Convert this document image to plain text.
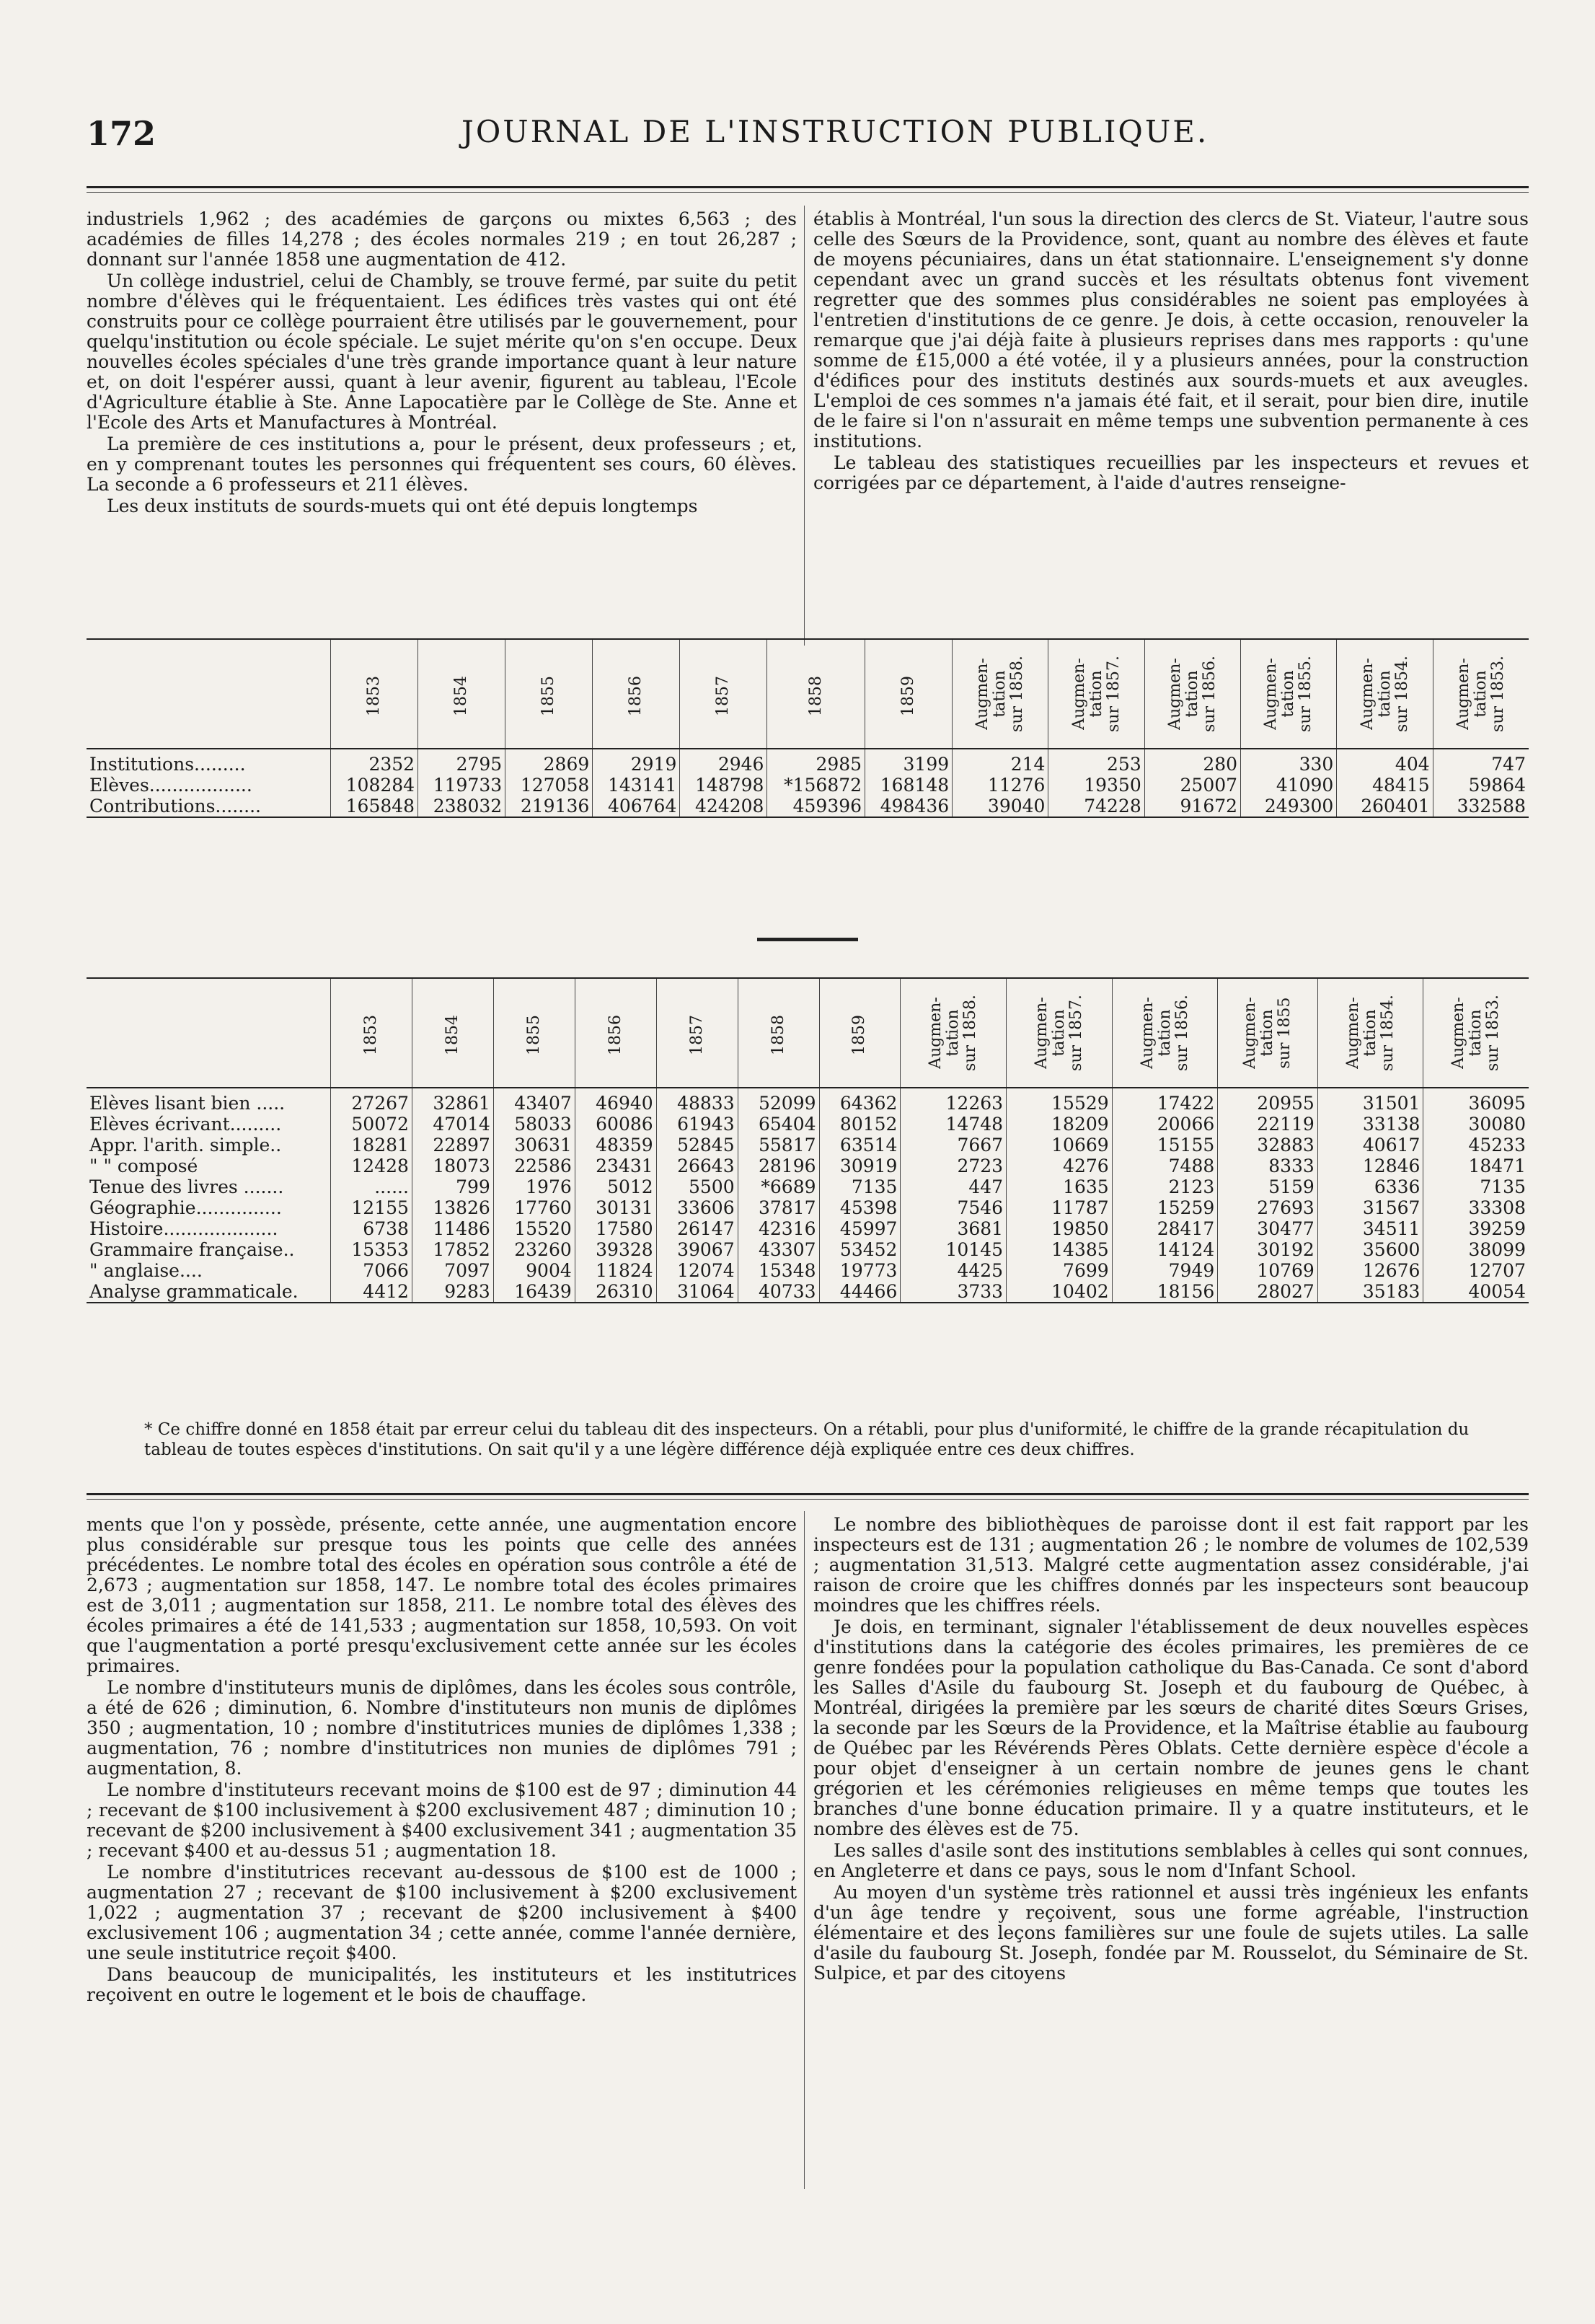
172	JOURNAL DE L'INSTRUCTION PUBLIQUE.

industriels 1,962 ; des académies de garçons ou mixtes 6,563 ; des académies de filles 14,278 ; des écoles normales 219 ; en tout 26,287 ; donnant sur l'année 1858 une augmentation de 412.

Un collège industriel, celui de Chambly, se trouve fermé, par suite du petit nombre d'élèves qui le fréquentaient. Les édifices très vastes qui ont été construits pour ce collège pourraient être utilisés par le gouvernement, pour quelqu'institution ou école spéciale. Le sujet mérite qu'on s'en occupe. Deux nouvelles écoles spéciales d'une très grande importance quant à leur nature et, on doit l'espérer aussi, quant à leur avenir, figurent au tableau, l'Ecole d'Agriculture établie à Ste. Anne Lapocatière par le Collège de Ste. Anne et l'Ecole des Arts et Manufactures à Montréal.

La première de ces institutions a, pour le présent, deux professeurs ; et, en y comprenant toutes les personnes qui fréquentent ses cours, 60 élèves. La seconde a 6 professeurs et 211 élèves.

Les deux instituts de sourds-muets qui ont été depuis longtemps

établis à Montréal, l'un sous la direction des clercs de St. Viateur, l'autre sous celle des Sœurs de la Providence, sont, quant au nombre des élèves et faute de moyens pécuniaires, dans un état stationnaire. L'enseignement s'y donne cependant avec un grand succès et les résultats obtenus font vivement regretter que des sommes plus considérables ne soient pas employées à l'entretien d'institutions de ce genre. Je dois, à cette occasion, renouveler la remarque que j'ai déjà faite à plusieurs reprises dans mes rapports : qu'une somme de £15,000 a été votée, il y a plusieurs années, pour la construction d'édifices pour des instituts destinés aux sourds-muets et aux aveugles. L'emploi de ces sommes n'a jamais été fait, et il serait, pour bien dire, inutile de le faire si l'on n'assurait en même temps une subvention permanente à ces institutions.

Le tableau des statistiques recueillies par les inspecteurs et revues et corrigées par ce département, à l'aide d'autres renseigne-

	1853	1854	1855	1856	1857	1858	1859	Augmen-
tation
sur 1858.	Augmen-
tation
sur 1857.	Augmen-
tation
sur 1856.	Augmen-
tation
sur 1855.	Augmen-
tation
sur 1854.	Augmen-
tation
sur 1853.
Institutions.........	2352	2795	2869	2919	2946	2985	3199	214	253	280	330	404	747
Elèves..................	108284	119733	127058	143141	148798	*156872	168148	11276	19350	25007	41090	48415	59864
Contributions........	165848	238032	219136	406764	424208	459396	498436	39040	74228	91672	249300	260401	332588
	1853	1854	1855	1856	1857	1858	1859	Augmen-
tation
sur 1858.	Augmen-
tation
sur 1857.	Augmen-
tation
sur 1856.	Augmen-
tation
sur 1855	Augmen-
tation
sur 1854.	Augmen-
tation
sur 1853.
Elèves lisant bien .....	27267	32861	43407	46940	48833	52099	64362	12263	15529	17422	20955	31501	36095
Elèves écrivant.........	50072	47014	58033	60086	61943	65404	80152	14748	18209	20066	22119	33138	30080
Appr. l'arith. simple..	18281	22897	30631	48359	52845	55817	63514	7667	10669	15155	32883	40617	45233
" " composé	12428	18073	22586	23431	26643	28196	30919	2723	4276	7488	8333	12846	18471
Tenue des livres .......	......	799	1976	5012	5500	*6689	7135	447	1635	2123	5159	6336	7135
Géographie...............	12155	13826	17760	30131	33606	37817	45398	7546	11787	15259	27693	31567	33308
Histoire....................	6738	11486	15520	17580	26147	42316	45997	3681	19850	28417	30477	34511	39259
Grammaire française..	15353	17852	23260	39328	39067	43307	53452	10145	14385	14124	30192	35600	38099
" anglaise....	7066	7097	9004	11824	12074	15348	19773	4425	7699	7949	10769	12676	12707
Analyse grammaticale.	4412	9283	16439	26310	31064	40733	44466	3733	10402	18156	28027	35183	40054
* Ce chiffre donné en 1858 était par erreur celui du tableau dit des inspecteurs. On a rétabli, pour plus d'uniformité, le chiffre de la grande récapitulation du tableau de toutes espèces d'institutions. On sait qu'il y a une légère différence déjà expliquée entre ces deux chiffres.

ments que l'on y possède, présente, cette année, une augmentation encore plus considérable sur presque tous les points que celle des années précédentes. Le nombre total des écoles en opération sous contrôle a été de 2,673 ; augmentation sur 1858, 147. Le nombre total des écoles primaires est de 3,011 ; augmentation sur 1858, 211. Le nombre total des élèves des écoles primaires a été de 141,533 ; augmentation sur 1858, 10,593. On voit que l'augmentation a porté presqu'exclusivement cette année sur les écoles primaires.

Le nombre d'instituteurs munis de diplômes, dans les écoles sous contrôle, a été de 626 ; diminution, 6. Nombre d'instituteurs non munis de diplômes 350 ; augmentation, 10 ; nombre d'institutrices munies de diplômes 1,338 ; augmentation, 76 ; nombre d'institutrices non munies de diplômes 791 ; augmentation, 8.

Le nombre d'instituteurs recevant moins de $100 est de 97 ; diminution 44 ; recevant de $100 inclusivement à $200 exclusivement 487 ; diminution 10 ; recevant de $200 inclusivement à $400 exclusivement 341 ; augmentation 35 ; recevant $400 et au-dessus 51 ; augmentation 18.

Le nombre d'institutrices recevant au-dessous de $100 est de 1000 ; augmentation 27 ; recevant de $100 inclusivement à $200 exclusivement 1,022 ; augmentation 37 ; recevant de $200 inclusivement à $400 exclusivement 106 ; augmentation 34 ; cette année, comme l'année dernière, une seule institutrice reçoit $400.

Dans beaucoup de municipalités, les instituteurs et les institutrices reçoivent en outre le logement et le bois de chauffage.

Le nombre des bibliothèques de paroisse dont il est fait rapport par les inspecteurs est de 131 ; augmentation 26 ; le nombre de volumes de 102,539 ; augmentation 31,513. Malgré cette augmentation assez considérable, j'ai raison de croire que les chiffres donnés par les inspecteurs sont beaucoup moindres que les chiffres réels.

Je dois, en terminant, signaler l'établissement de deux nouvelles espèces d'institutions dans la catégorie des écoles primaires, les premières de ce genre fondées pour la population catholique du Bas-Canada. Ce sont d'abord les Salles d'Asile du faubourg St. Joseph et du faubourg de Québec, à Montréal, dirigées la première par les sœurs de charité dites Sœurs Grises, la seconde par les Sœurs de la Providence, et la Maîtrise établie au faubourg de Québec par les Révérends Pères Oblats. Cette dernière espèce d'école a pour objet d'enseigner à un certain nombre de jeunes gens le chant grégorien et les cérémonies religieuses en même temps que toutes les branches d'une bonne éducation primaire. Il y a quatre instituteurs, et le nombre des élèves est de 75.

Les salles d'asile sont des institutions semblables à celles qui sont connues, en Angleterre et dans ce pays, sous le nom d'Infant School.

Au moyen d'un système très rationnel et aussi très ingénieux les enfants d'un âge tendre y reçoivent, sous une forme agréable, l'instruction élémentaire et des leçons familières sur une foule de sujets utiles. La salle d'asile du faubourg St. Joseph, fondée par M. Rousselot, du Séminaire de St. Sulpice, et par des citoyens
